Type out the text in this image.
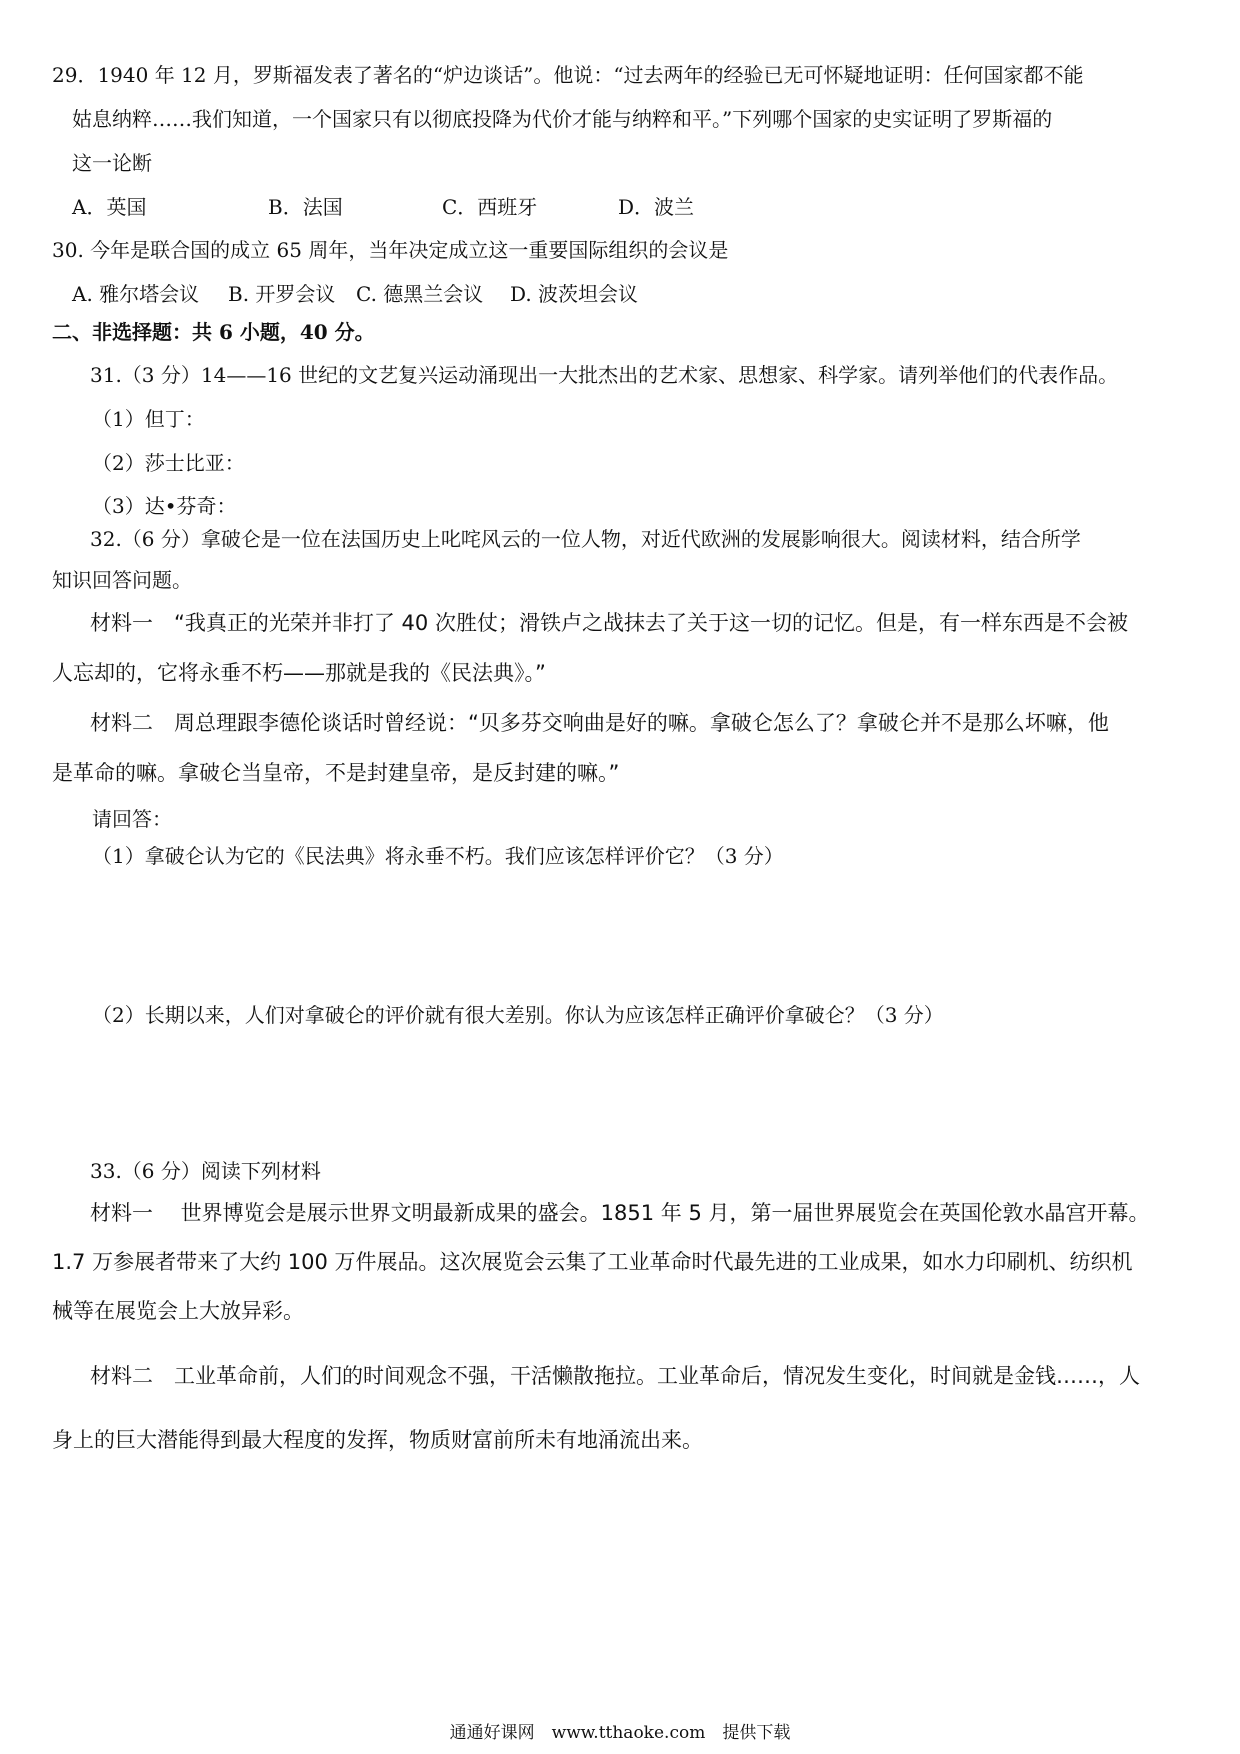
29．1940 年 12 月，罗斯福发表了著名的“炉边谈话”。他说：“过去两年的经验已无可怀疑地证明：任何国家都不能
姑息纳粹……我们知道，一个国家只有以彻底投降为代价才能与纳粹和平。”下列哪个国家的史实证明了罗斯福的
这一论断
A．英国	B．法国	C．西班牙	D．波兰
30. 今年是联合国的成立 65 周年，当年决定成立这一重要国际组织的会议是
A. 雅尔塔会议 B. 开罗会议 C. 德黑兰会议 D. 波茨坦会议
二、非选择题：共 6 小题，40 分。
31.（3 分）14——16 世纪的文艺复兴运动涌现出一大批杰出的艺术家、思想家、科学家。请列举他们的代表作品。
（1）但丁：
（2）莎士比亚：
（3）达•芬奇：
32.（6 分）拿破仑是一位在法国历史上叱咤风云的一位人物，对近代欧洲的发展影响很大。阅读材料，结合所学
知识回答问题。
材料一　“我真正的光荣并非打了 40 次胜仗；滑铁卢之战抹去了关于这一切的记忆。但是，有一样东西是不会被
人忘却的，它将永垂不朽——那就是我的《民法典》。”
材料二　周总理跟李德伦谈话时曾经说：“贝多芬交响曲是好的嘛。拿破仑怎么了？拿破仑并不是那么坏嘛，他
是革命的嘛。拿破仑当皇帝，不是封建皇帝，是反封建的嘛。”
请回答：
（1）拿破仑认为它的《民法典》将永垂不朽。我们应该怎样评价它？（3 分）
（2）长期以来，人们对拿破仑的评价就有很大差别。你认为应该怎样正确评价拿破仑？（3 分）
33.（6 分）阅读下列材料
材料一　 世界博览会是展示世界文明最新成果的盛会。1851 年 5 月，第一届世界展览会在英国伦敦水晶宫开幕。
1.7 万参展者带来了大约 100 万件展品。这次展览会云集了工业革命时代最先进的工业成果，如水力印刷机、纺织机
械等在展览会上大放异彩。
材料二　工业革命前，人们的时间观念不强，干活懒散拖拉。工业革命后，情况发生变化，时间就是金钱……，人
身上的巨大潜能得到最大程度的发挥，物质财富前所未有地涌流出来。
通通好课网　www.tthaoke.com　提供下载
